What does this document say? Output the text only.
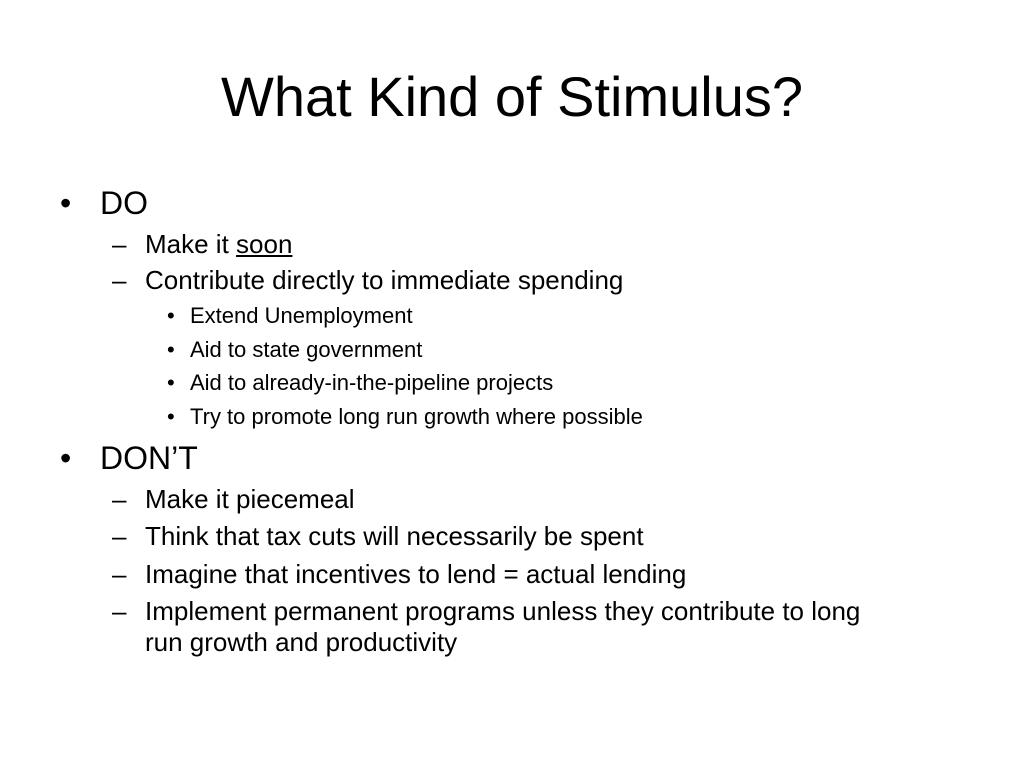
What Kind of Stimulus?
• DO
– Make it soon
– Contribute directly to immediate spending
• Extend Unemployment
• Aid to state government
• Aid to already-in-the-pipeline projects
• Try to promote long run growth where possible
• DON’T
– Make it piecemeal
– Think that tax cuts will necessarily be spent
– Imagine that incentives to lend = actual lending
– Implement permanent programs unless they contribute to long
run growth and productivity
